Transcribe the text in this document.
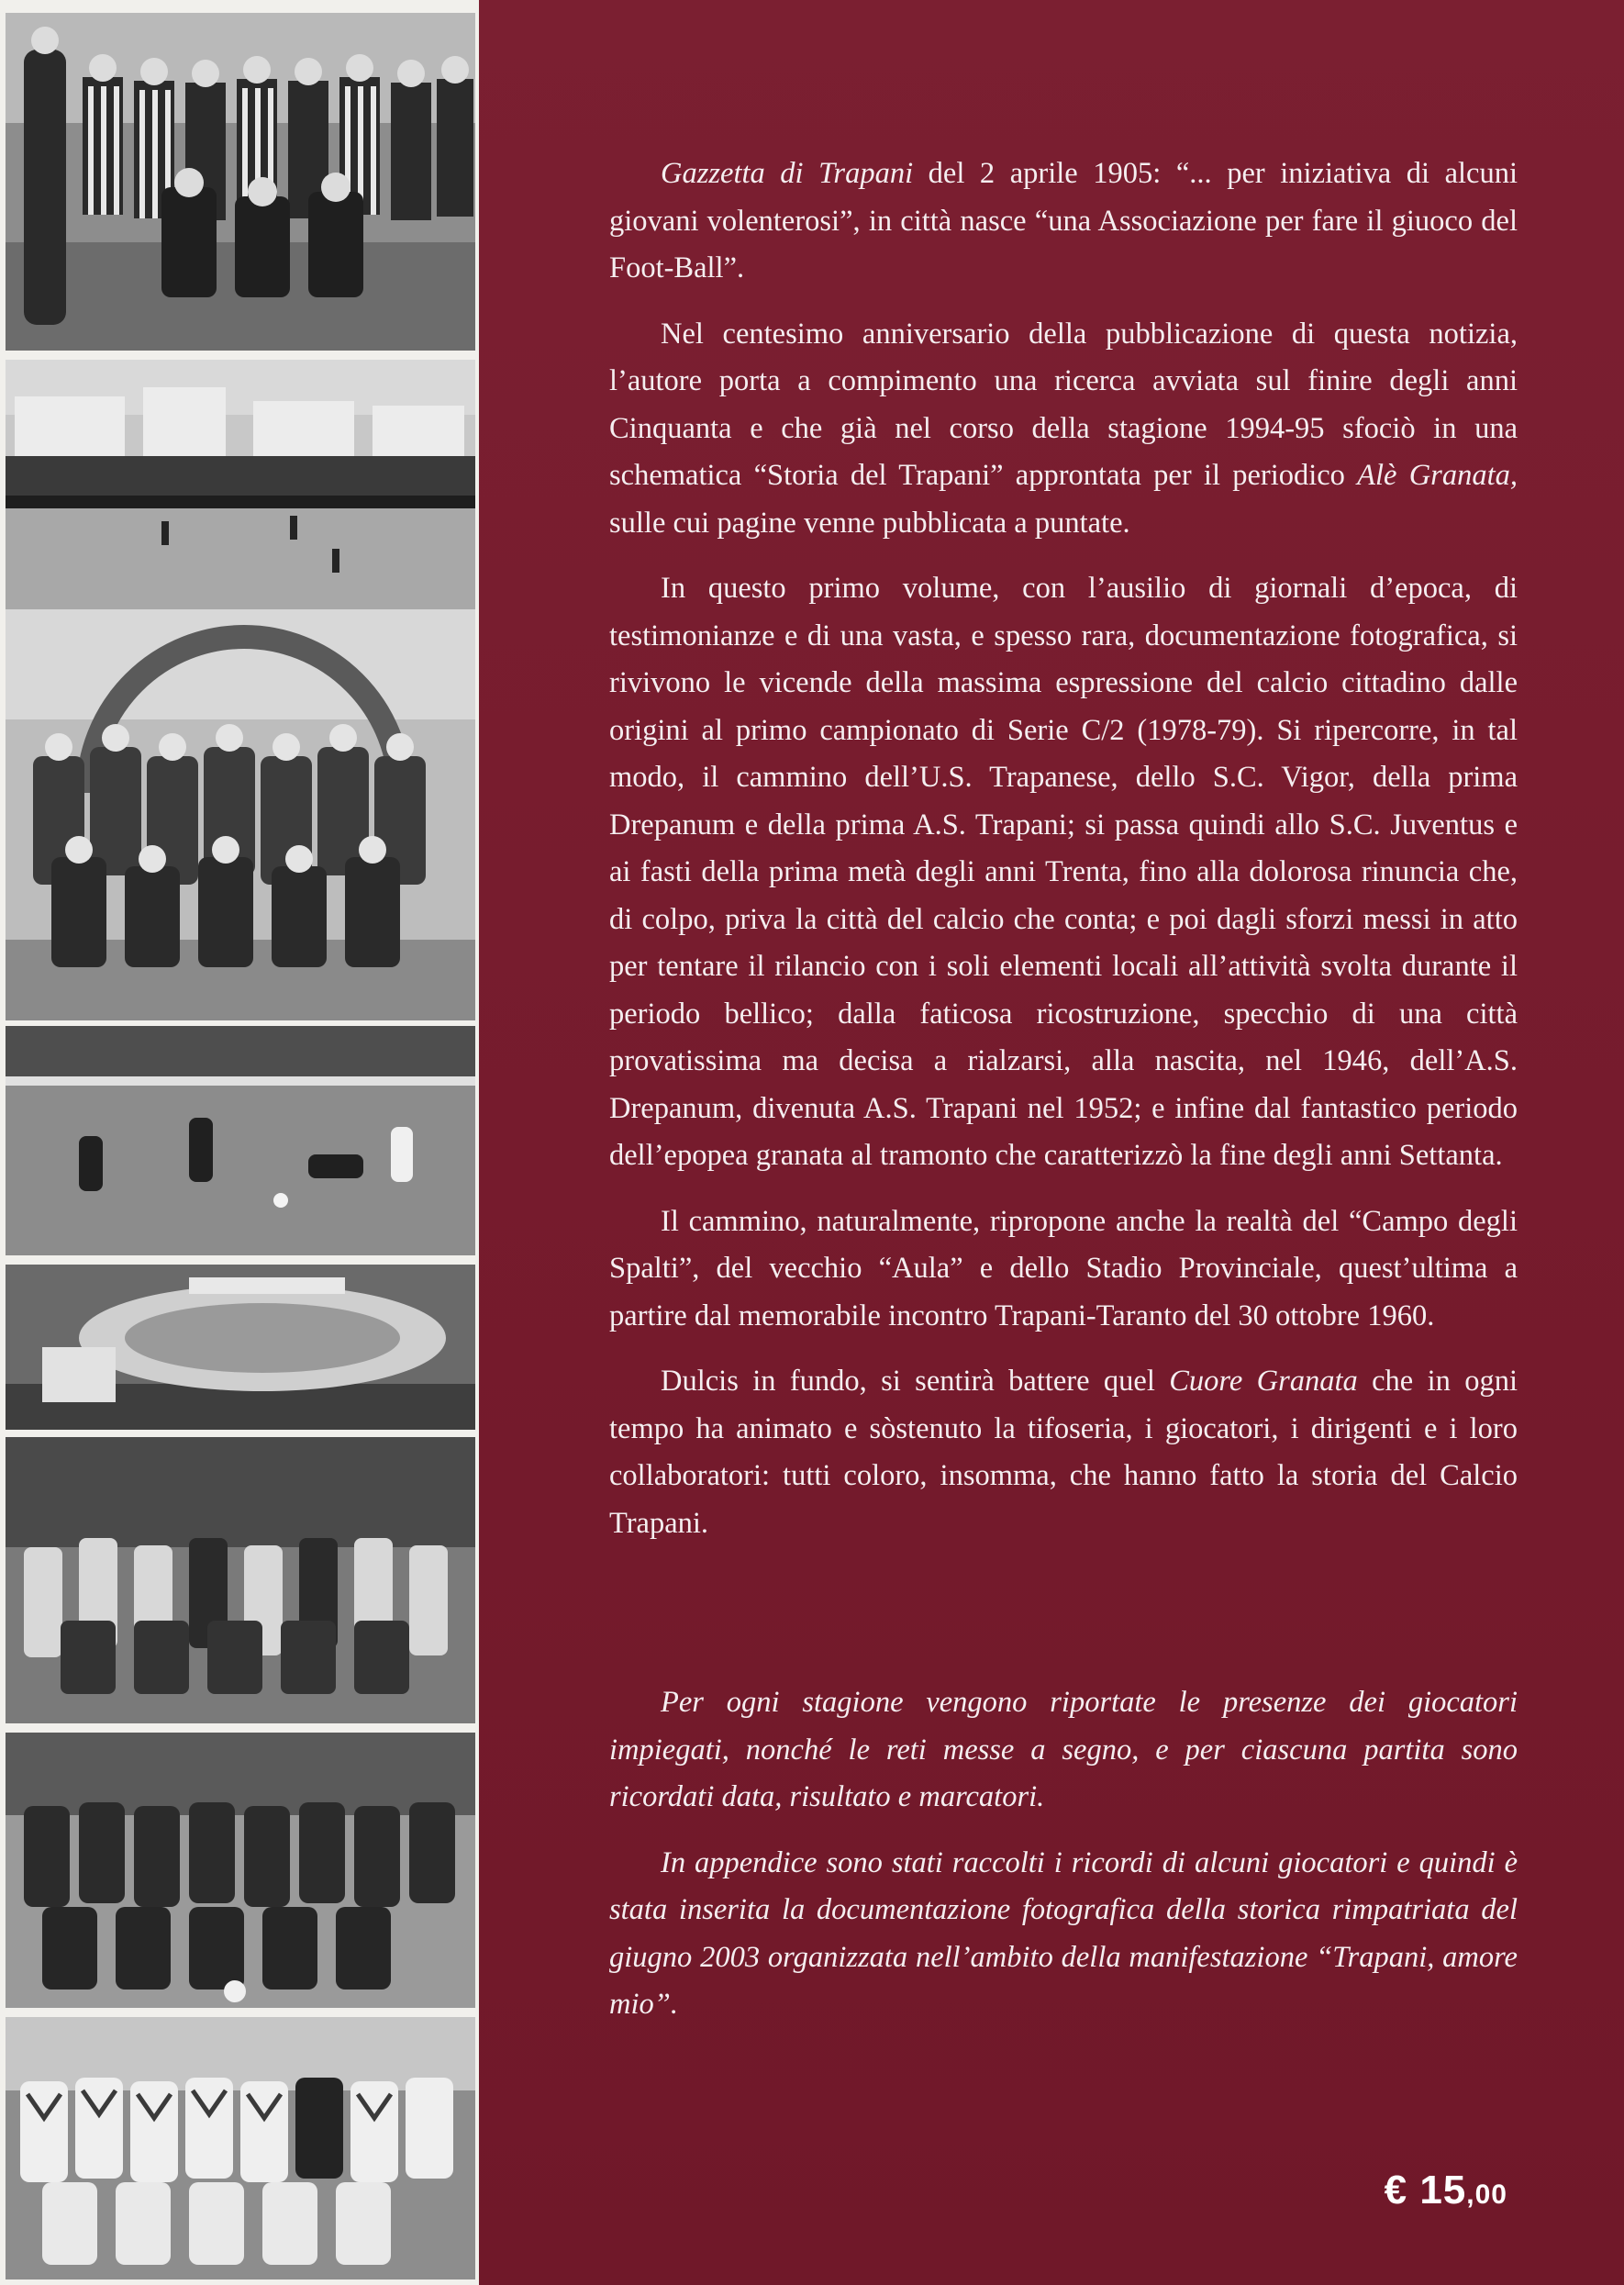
Gazzetta di Trapani del 2 aprile 1905: “... per iniziativa di alcuni giovani volenterosi”, in città nasce “una Associazione per fare il giuoco del Foot-Ball”.

Nel centesimo anniversario della pubblicazione di questa notizia, l’autore porta a compimento una ricerca avviata sul finire degli anni Cinquanta e che già nel corso della stagione 1994-95 sfociò in una schematica “Storia del Trapani” approntata per il periodico Alè Granata, sulle cui pagine venne pubblicata a puntate.

In questo primo volume, con l’ausilio di giornali d’epoca, di testimonianze e di una vasta, e spesso rara, documentazione fotografica, si rivivono le vicende della massima espressione del calcio cittadino dalle origini al primo campionato di Serie C/2 (1978-79). Si ripercorre, in tal modo, il cammino dell’U.S. Trapanese, dello S.C. Vigor, della prima Drepanum e della prima A.S. Trapani; si passa quindi allo S.C. Juventus e ai fasti della prima metà degli anni Trenta, fino alla dolorosa rinuncia che, di colpo, priva la città del calcio che conta; e poi dagli sforzi messi in atto per tentare il rilancio con i soli elementi locali all’attività svolta durante il periodo bellico; dalla faticosa ricostruzione, specchio di una città provatissima ma decisa a rialzarsi, alla nascita, nel 1946, dell’A.S. Drepanum, divenuta A.S. Trapani nel 1952; e infine dal fantastico periodo dell’epopea granata al tramonto che caratterizzò la fine degli anni Settanta.

Il cammino, naturalmente, ripropone anche la realtà del “Campo degli Spalti”, del vecchio “Aula” e dello Stadio Provinciale, quest’ultima a partire dal memorabile incontro Trapani-Taranto del 30 ottobre 1960.

Dulcis in fundo, si sentirà battere quel Cuore Granata che in ogni tempo ha animato e sòstenuto la tifoseria, i giocatori, i dirigenti e i loro collaboratori: tutti coloro, insomma, che hanno fatto la storia del Calcio Trapani.

Per ogni stagione vengono riportate le presenze dei giocatori impiegati, nonché le reti messe a segno, e per ciascuna partita sono ricordati data, risultato e marcatori.

In appendice sono stati raccolti i ricordi di alcuni giocatori e quindi è stata inserita la documentazione fotografica della storica rimpatriata del giugno 2003 organizzata nell’ambito della manifestazione “Trapani, amore mio”.

€ 15,00
